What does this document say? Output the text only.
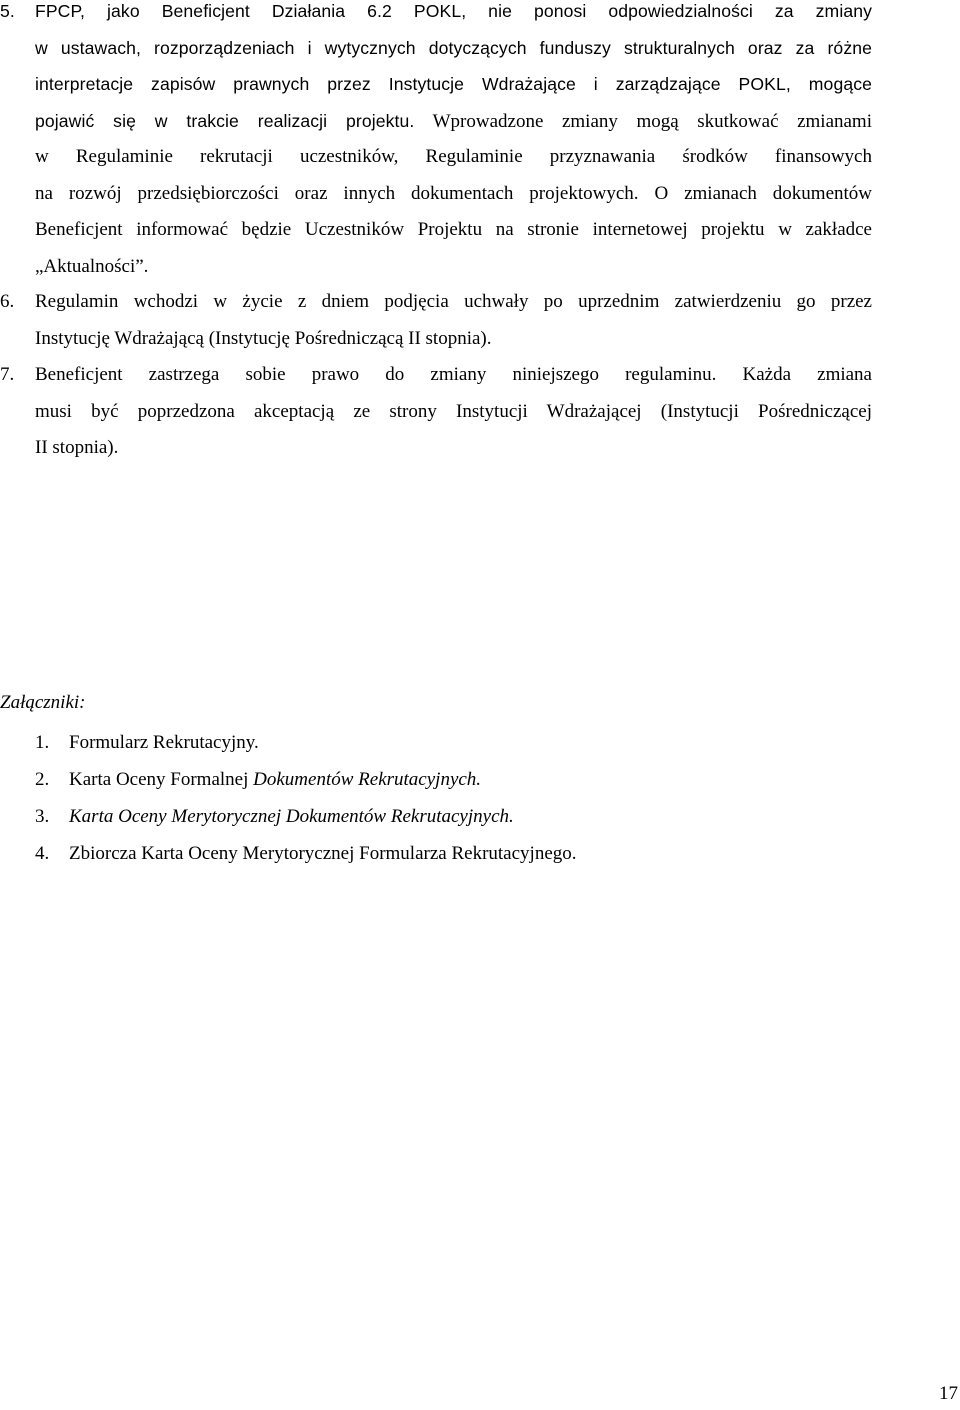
5.	FPCP, jako Beneficjent Działania 6.2 POKL, nie ponosi odpowiedzialności za zmiany
w ustawach, rozporządzeniach i wytycznych dotyczących funduszy strukturalnych oraz za różne
interpretacje zapisów prawnych przez Instytucje Wdrażające i zarządzające POKL, mogące
pojawić się w trakcie realizacji projektu. Wprowadzone zmiany mogą skutkować zmianami
w Regulaminie rekrutacji uczestników, Regulaminie przyznawania środków finansowych
na rozwój przedsiębiorczości oraz innych dokumentach projektowych. O zmianach dokumentów
Beneficjent informować będzie Uczestników Projektu na stronie internetowej projektu w zakładce
„Aktualności”.
6.	Regulamin wchodzi w życie z dniem podjęcia uchwały po uprzednim zatwierdzeniu go przez
Instytucję Wdrażającą (Instytucję Pośredniczącą II stopnia).
7.	Beneficjent zastrzega sobie prawo do zmiany niniejszego regulaminu. Każda zmiana
musi być poprzedzona akceptacją ze strony Instytucji Wdrażającej (Instytucji Pośredniczącej
II stopnia).
Załączniki:
1.	Formularz Rekrutacyjny.
2.	Karta Oceny Formalnej Dokumentów Rekrutacyjnych.
3.	Karta Oceny Merytorycznej Dokumentów Rekrutacyjnych.
4.	Zbiorcza Karta Oceny Merytorycznej Formularza Rekrutacyjnego.
17
